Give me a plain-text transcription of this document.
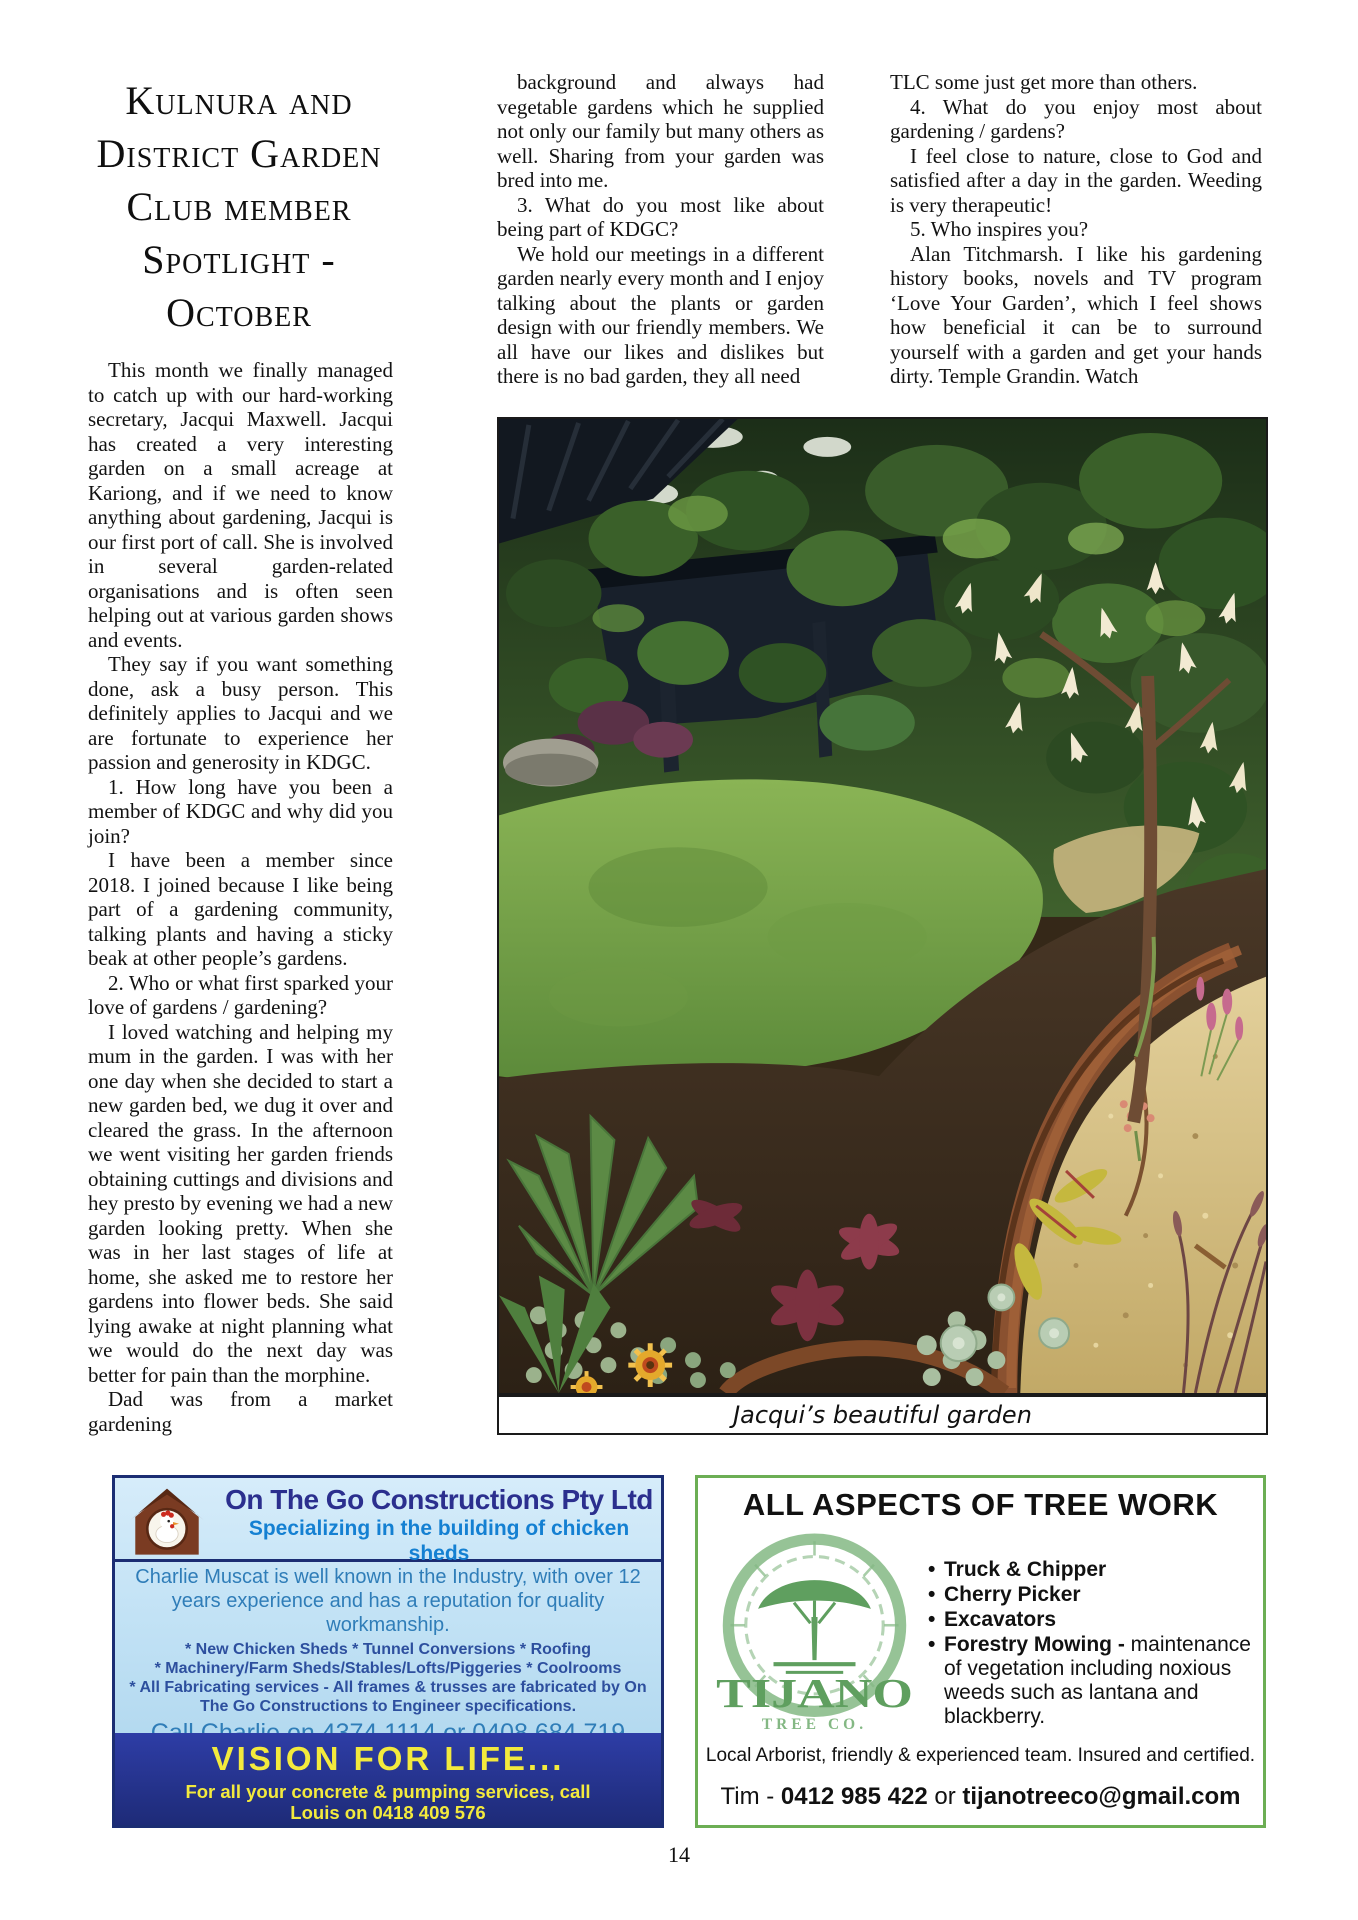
Kulnura and
District Garden
Club member
Spotlight -
October

This month we finally managed to catch up with our hard-working secretary, Jacqui Maxwell. Jacqui has created a very interesting garden on a small acreage at Kariong, and if we need to know anything about gardening, Jacqui is our first port of call. She is involved in several garden-related organisations and is often seen helping out at various garden shows and events.

They say if you want something done, ask a busy person. This definitely applies to Jacqui and we are fortunate to experience her passion and generosity in KDGC.

1. How long have you been a member of KDGC and why did you join?

I have been a member since 2018. I joined because I like being part of a gardening community, talking plants and having a sticky beak at other people’s gardens.

2. Who or what first sparked your love of gardens / gardening?

I loved watching and helping my mum in the garden. I was with her one day when she decided to start a new garden bed, we dug it over and cleared the grass. In the afternoon we went visiting her garden friends obtaining cuttings and divisions and hey presto by evening we had a new garden looking pretty. When she was in her last stages of life at home, she asked me to restore her gardens into flower beds. She said lying awake at night planning what we would do the next day was better for pain than the morphine.

Dad was from a market gardening

background and always had vegetable gardens which he supplied not only our family but many others as well. Sharing from your garden was bred into me.

3. What do you most like about being part of KDGC?

We hold our meetings in a different garden nearly every month and I enjoy talking about the plants or garden design with our friendly members. We all have our likes and dislikes but there is no bad garden, they all need

TLC some just get more than others.

4. What do you enjoy most about gardening / gardens?

I feel close to nature, close to God and satisfied after a day in the garden. Weeding is very therapeutic!

5. Who inspires you?

Alan Titchmarsh. I like his gardening history books, novels and TV program ‘Love Your Garden’, which I feel shows how beneficial it can be to surround yourself with a garden and get your hands dirty. Temple Grandin. Watch

Jacqui’s beautiful garden
On The Go Constructions Pty Ltd
Specializing in the building of chicken sheds
Charlie Muscat is well known in the Industry, with over 12 years experience and has a reputation for quality workmanship.
* New Chicken Sheds * Tunnel Conversions * Roofing
* Machinery/Farm Sheds/Stables/Lofts/Piggeries * Coolrooms
* All Fabricating services - All frames & trusses are fabricated by On The Go Constructions to Engineer specifications.
VISION FOR LIFE...
For all your concrete & pumping services, call Louis on 0418 409 576
ALL ASPECTS OF TREE WORK
TIJANO
TREE CO.
• Truck & Chipper
• Cherry Picker
• Excavators
• Forestry Mowing - maintenance of vegetation including noxious weeds such as lantana and blackberry.
Local Arborist, friendly & experienced team. Insured and certified.
Tim - 0412 985 422 or tijanotreeco@gmail.com
14
